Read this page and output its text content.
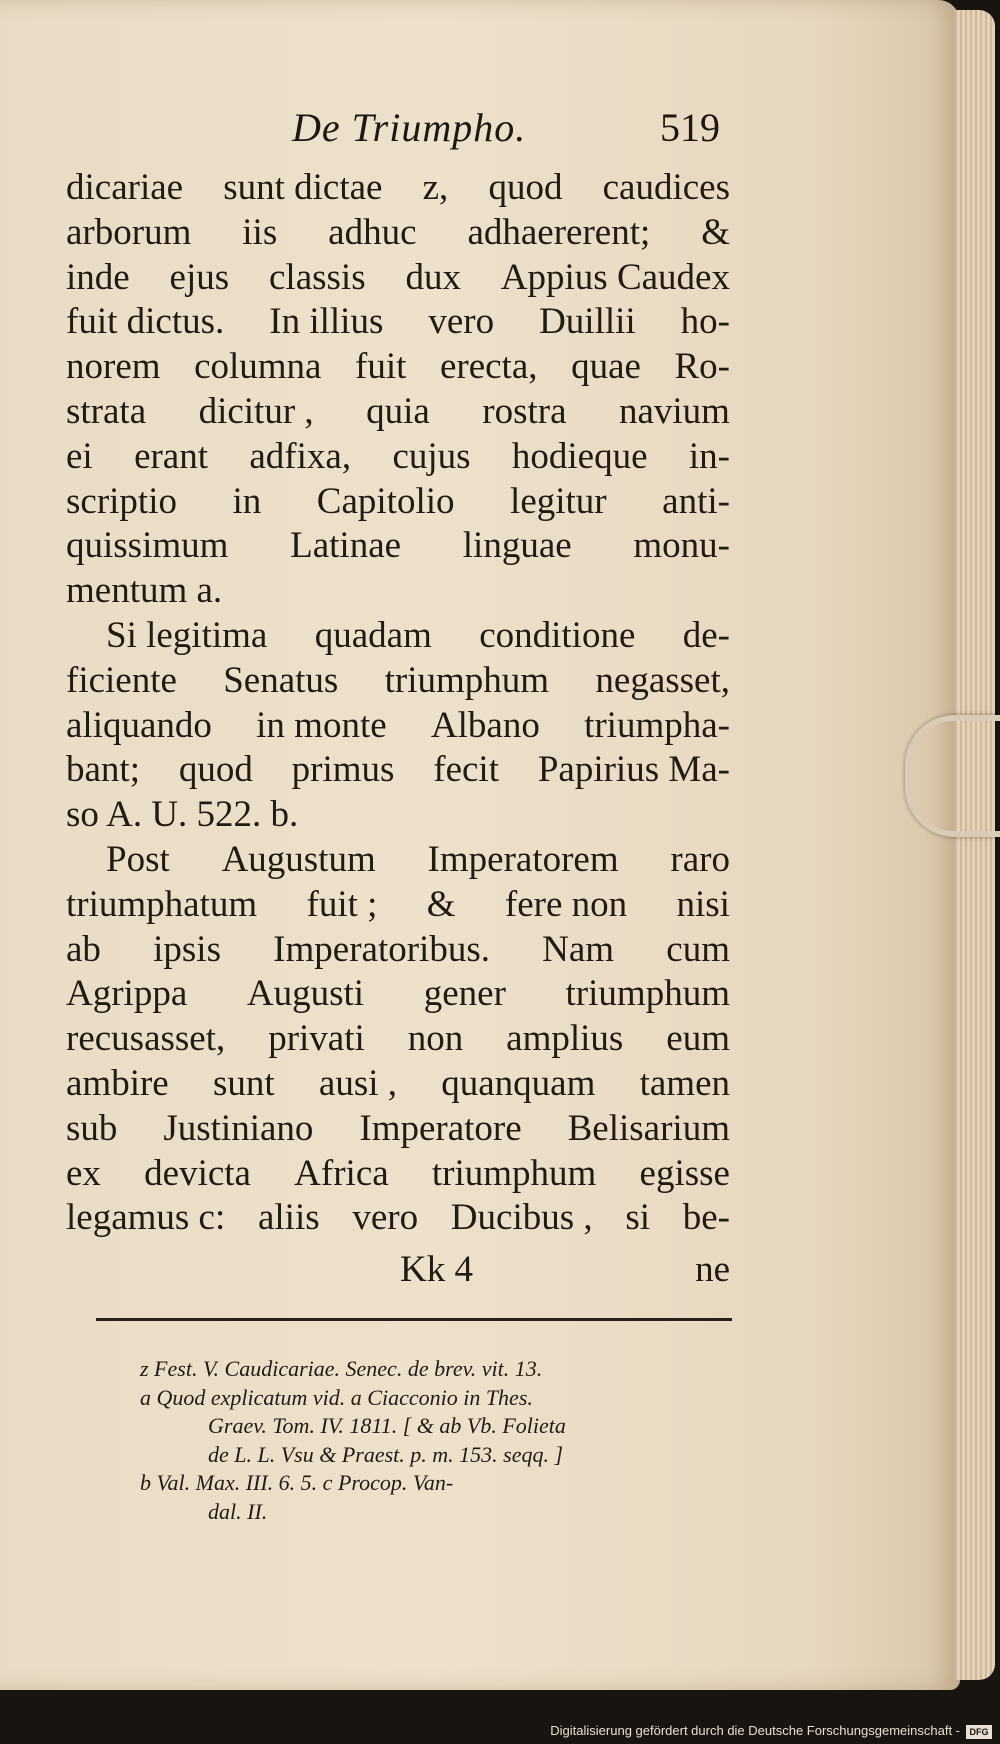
De Triumpho.	519
dicariae sunt dictae z, quod caudices
arborum iis adhuc adhaererent; &
inde ejus classis dux Appius Caudex
fuit dictus. In illius vero Duillii ho-
norem columna fuit erecta, quae Ro-
strata dicitur , quia rostra navium
ei erant adfixa, cujus hodieque in-
scriptio in Capitolio legitur anti-
quissimum Latinae linguae monu-
mentum a.
Si legitima quadam conditione de-
ficiente Senatus triumphum negasset,
aliquando in monte Albano triumpha-
bant; quod primus fecit Papirius Ma-
so A. U. 522. b.
Post Augustum Imperatorem raro
triumphatum fuit ; & fere non nisi
ab ipsis Imperatoribus. Nam cum
Agrippa Augusti gener triumphum
recusasset, privati non amplius eum
ambire sunt ausi , quanquam tamen
sub Justiniano Imperatore Belisarium
ex devicta Africa triumphum egisse
legamus c: aliis vero Ducibus , si be-
Kk 4	ne
z Fest. V. Caudicariae. Senec. de brev. vit. 13.
a Quod explicatum vid. a Ciacconio in Thes.
Graev. Tom. IV. 1811. [ & ab Vb. Folieta
de L. L. Vsu & Praest. p. m. 153. seqq. ]
b Val. Max. III. 6. 5. c Procop. Van-
dal. II.
Digitalisierung gefördert durch die Deutsche Forschungsgemeinschaft -	DFG
